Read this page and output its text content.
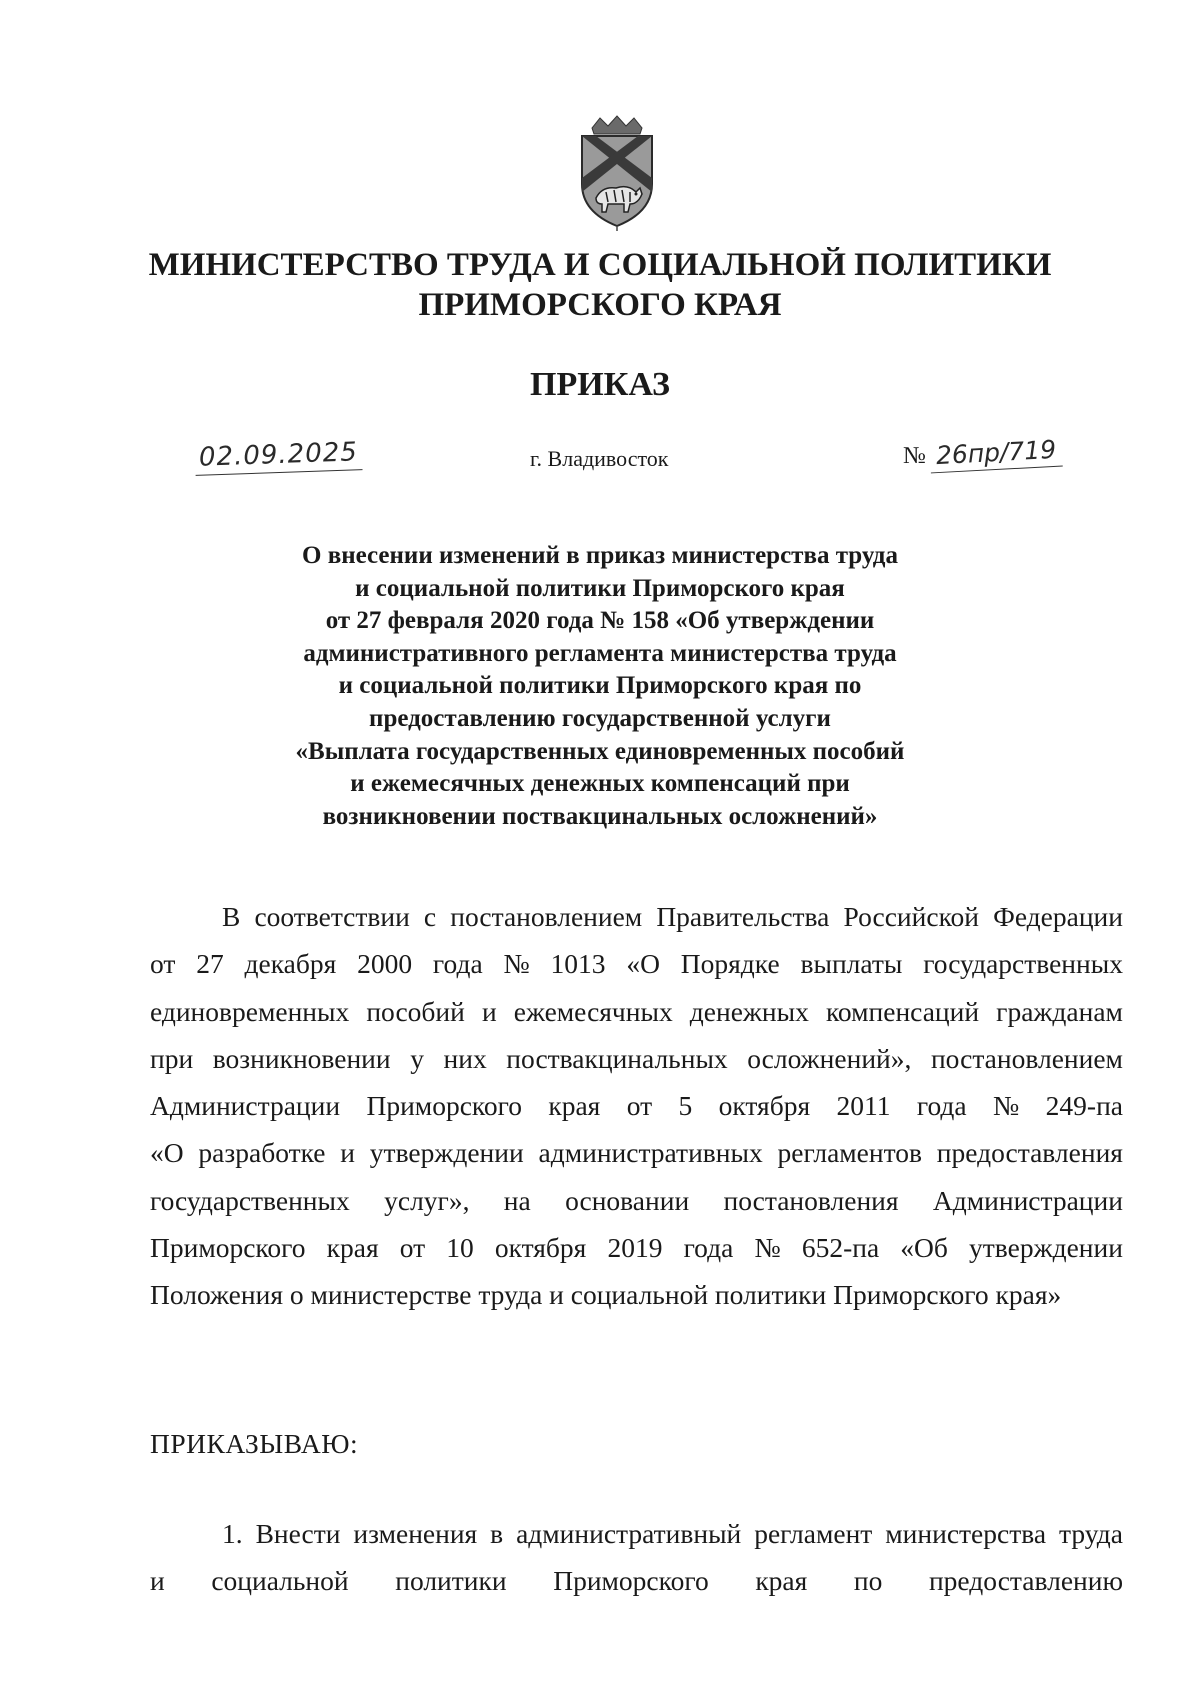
МИНИСТЕРСТВО ТРУДА И СОЦИАЛЬНОЙ ПОЛИТИКИ
ПРИМОРСКОГО КРАЯ
ПРИКАЗ
02.09.2025	г. Владивосток	№ 26пр/719
О внесении изменений в приказ министерства труда
и социальной политики Приморского края
от 27 февраля 2020 года № 158 «Об утверждении
административного регламента министерства труда
и социальной политики Приморского края по
предоставлению государственной услуги
«Выплата государственных единовременных пособий
и ежемесячных денежных компенсаций при
возникновении поствакцинальных осложнений»
В соответствии с постановлением Правительства Российской Федерации
от 27 декабря 2000 года № 1013 «О Порядке выплаты государственных
единовременных пособий и ежемесячных денежных компенсаций гражданам
при возникновении у них поствакцинальных осложнений», постановлением
Администрации Приморского края от 5 октября 2011 года № 249-па
«О разработке и утверждении административных регламентов предоставления
государственных услуг», на основании постановления Администрации
Приморского края от 10 октября 2019 года № 652-па «Об утверждении
Положения о министерстве труда и социальной политики Приморского края»
ПРИКАЗЫВАЮ:
1. Внести изменения в административный регламент министерства труда
и социальной политики Приморского края по предоставлению
